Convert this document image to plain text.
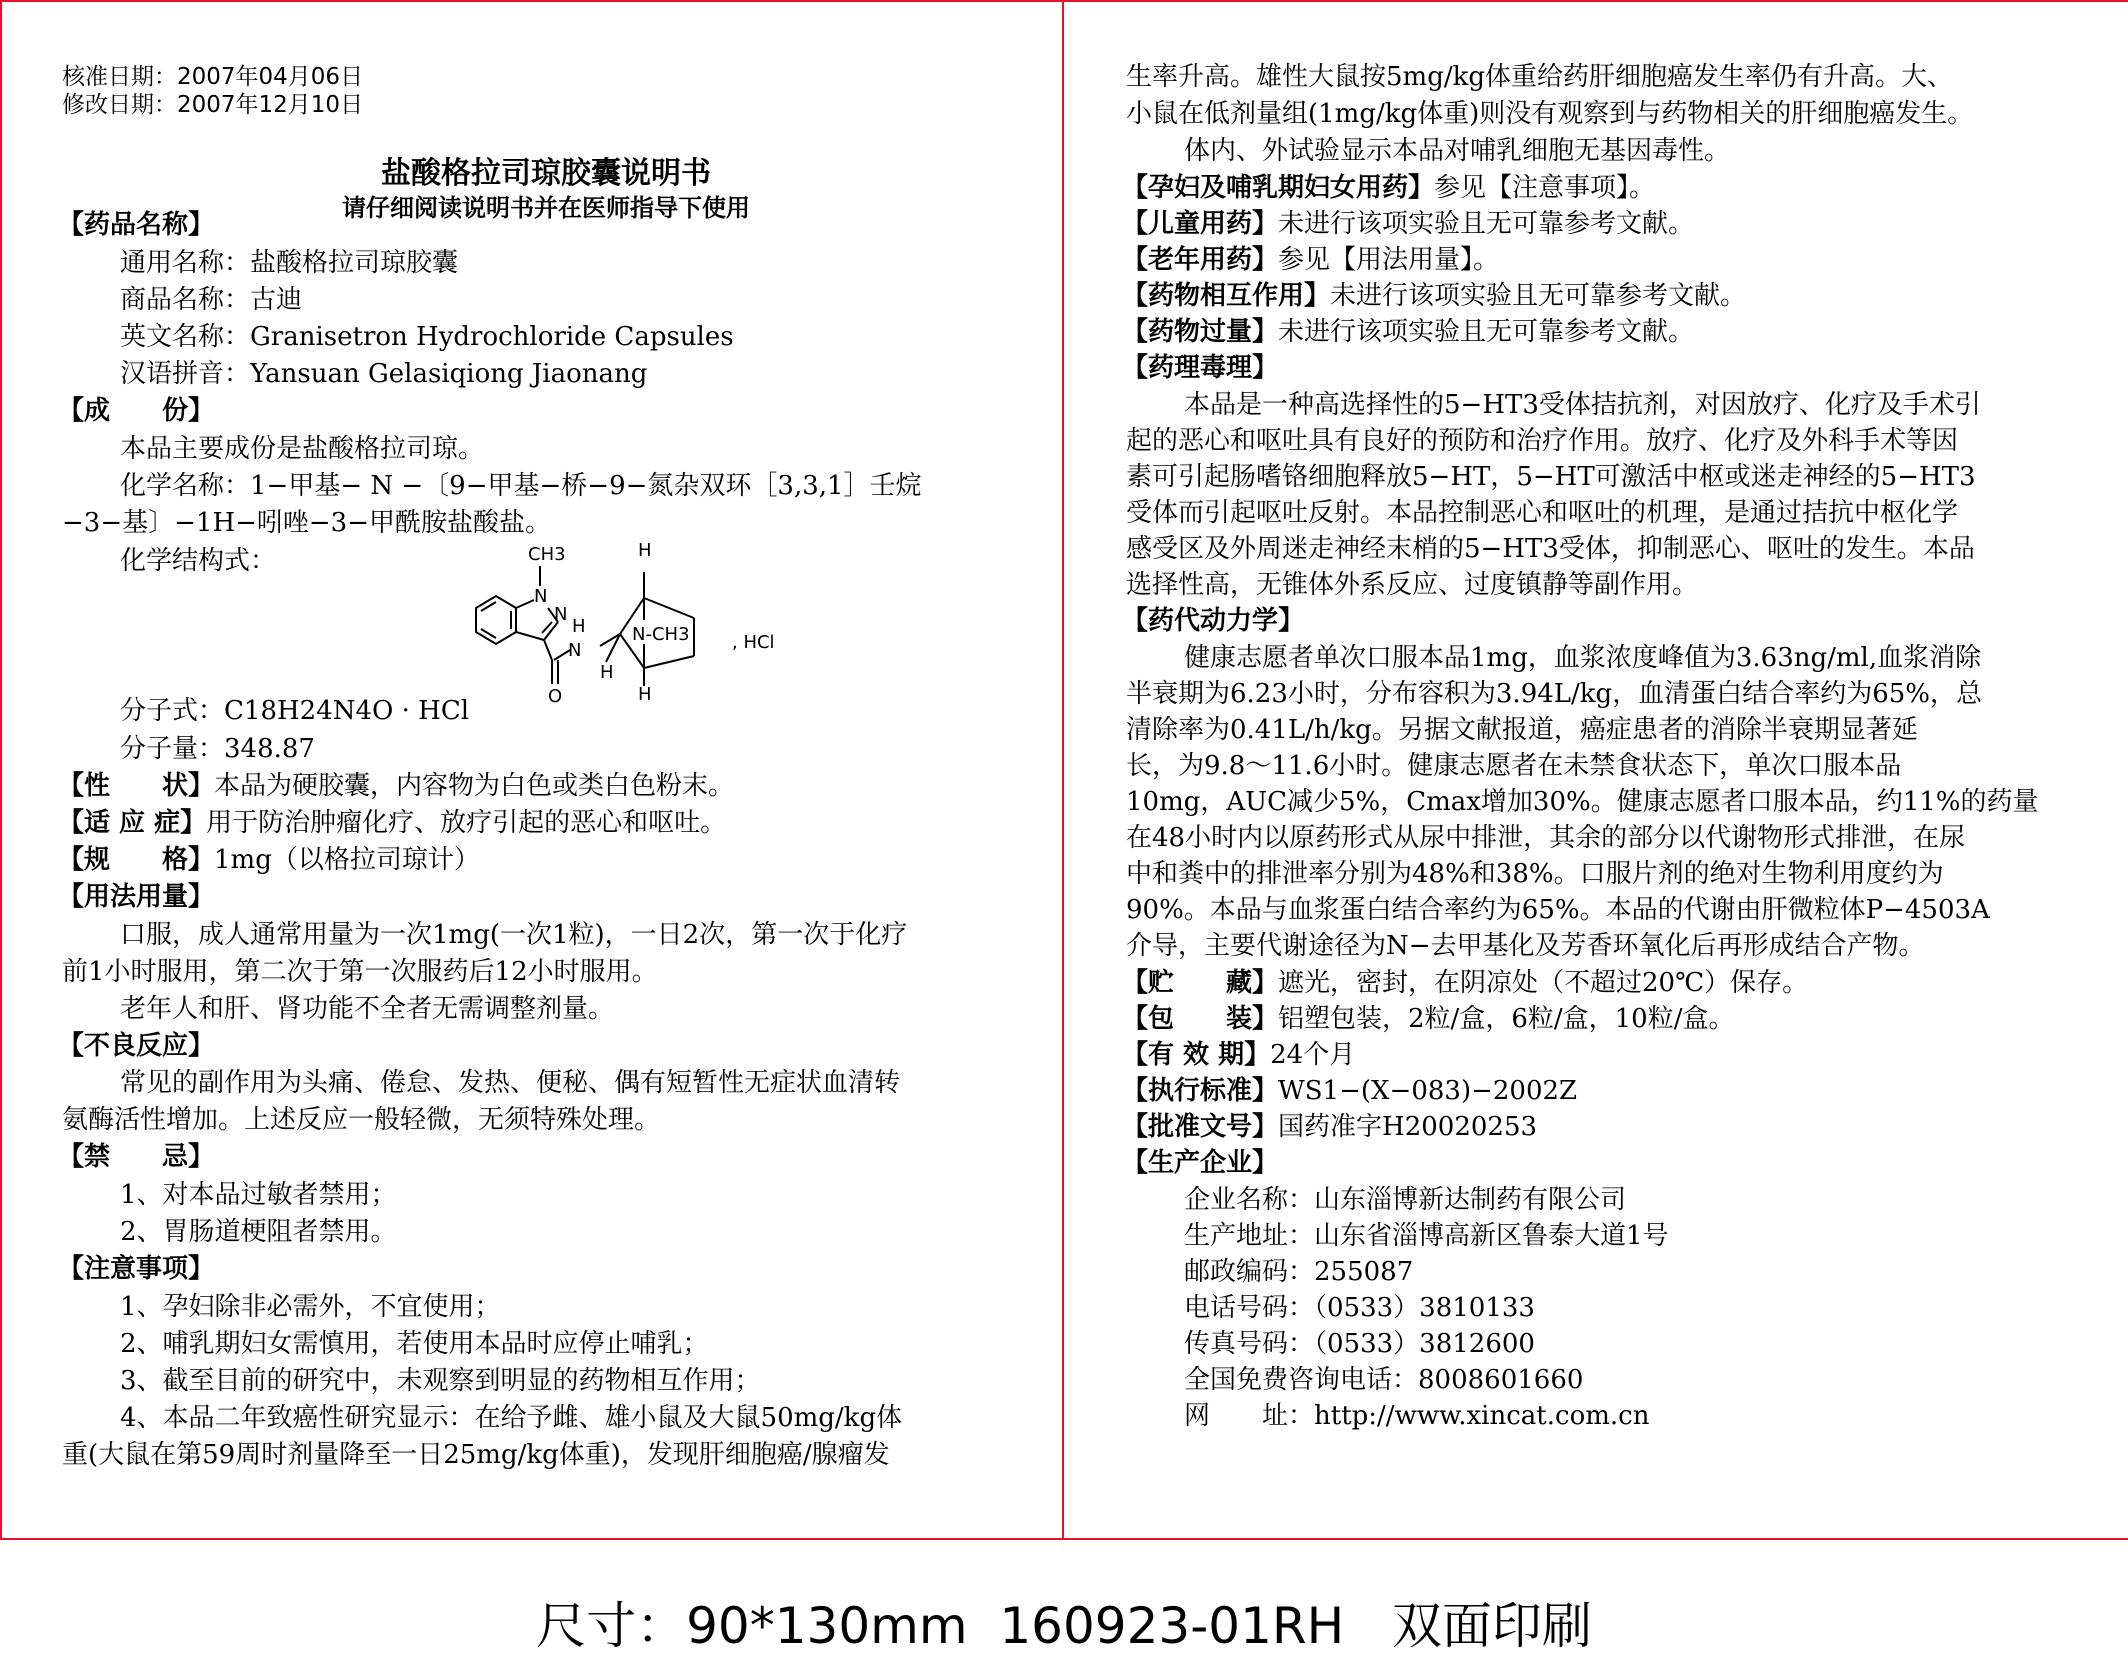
核准日期：2007年04月06日
修改日期：2007年12月10日
盐酸格拉司琼胶囊说明书
请仔细阅读说明书并在医师指导下使用
【药品名称】
通用名称：盐酸格拉司琼胶囊
商品名称：古迪
英文名称：Granisetron Hydrochloride Capsules
汉语拼音：Yansuan Gelasiqiong Jiaonang
【成　　份】
本品主要成份是盐酸格拉司琼。
化学名称：1−甲基− N −〔9−甲基−桥−9−氮杂双环［3,3,1］壬烷
−3−基〕−1H−吲唑−3−甲酰胺盐酸盐。
化学结构式：	CH3
N
N
H
N
O
H
N-CH3
H
H
, HCl
分子式：C18H24N4O · HCl
分子量：348.87
【性　　状】本品为硬胶囊，内容物为白色或类白色粉末。
【适 应 症】用于防治肿瘤化疗、放疗引起的恶心和呕吐。
【规　　格】1mg（以格拉司琼计）
【用法用量】
口服，成人通常用量为一次1mg(一次1粒)，一日2次，第一次于化疗
前1小时服用，第二次于第一次服药后12小时服用。
老年人和肝、肾功能不全者无需调整剂量。
【不良反应】
常见的副作用为头痛、倦怠、发热、便秘、偶有短暂性无症状血清转
氨酶活性增加。上述反应一般轻微，无须特殊处理。
【禁　　忌】
1、对本品过敏者禁用；
2、胃肠道梗阻者禁用。
【注意事项】
1、孕妇除非必需外，不宜使用；
2、哺乳期妇女需慎用，若使用本品时应停止哺乳；
3、截至目前的研究中，未观察到明显的药物相互作用；
4、本品二年致癌性研究显示：在给予雌、雄小鼠及大鼠50mg/kg体
重(大鼠在第59周时剂量降至一日25mg/kg体重)，发现肝细胞癌/腺瘤发
生率升高。雄性大鼠按5mg/kg体重给药肝细胞癌发生率仍有升高。大、
小鼠在低剂量组(1mg/kg体重)则没有观察到与药物相关的肝细胞癌发生。
体内、外试验显示本品对哺乳细胞无基因毒性。
【孕妇及哺乳期妇女用药】参见【注意事项】。
【儿童用药】未进行该项实验且无可靠参考文献。
【老年用药】参见【用法用量】。
【药物相互作用】未进行该项实验且无可靠参考文献。
【药物过量】未进行该项实验且无可靠参考文献。
【药理毒理】
本品是一种高选择性的5−HT3受体拮抗剂，对因放疗、化疗及手术引
起的恶心和呕吐具有良好的预防和治疗作用。放疗、化疗及外科手术等因
素可引起肠嗜铬细胞释放5−HT，5−HT可激活中枢或迷走神经的5−HT3
受体而引起呕吐反射。本品控制恶心和呕吐的机理，是通过拮抗中枢化学
感受区及外周迷走神经末梢的5−HT3受体，抑制恶心、呕吐的发生。本品
选择性高，无锥体外系反应、过度镇静等副作用。
【药代动力学】
健康志愿者单次口服本品1mg，血浆浓度峰值为3.63ng/ml,血浆消除
半衰期为6.23小时，分布容积为3.94L/kg，血清蛋白结合率约为65%，总
清除率为0.41L/h/kg。另据文献报道，癌症患者的消除半衰期显著延
长，为9.8～11.6小时。健康志愿者在未禁食状态下，单次口服本品
10mg，AUC减少5%，Cmax增加30%。健康志愿者口服本品，约11%的药量
在48小时内以原药形式从尿中排泄，其余的部分以代谢物形式排泄，在尿
中和粪中的排泄率分别为48%和38%。口服片剂的绝对生物利用度约为
90%。本品与血浆蛋白结合率约为65%。本品的代谢由肝微粒体P−4503A
介导，主要代谢途径为N−去甲基化及芳香环氧化后再形成结合产物。
【贮　　藏】遮光，密封，在阴凉处（不超过20℃）保存。
【包　　装】铝塑包装，2粒/盒，6粒/盒，10粒/盒。
【有 效 期】24个月
【执行标准】WS1−(X−083)−2002Z
【批准文号】国药准字H20020253
【生产企业】
企业名称：山东淄博新达制药有限公司
生产地址：山东省淄博高新区鲁泰大道1号
邮政编码：255087
电话号码：（0533）3810133
传真号码：（0533）3812600
全国免费咨询电话：8008601660
网　　址：http://www.xincat.com.cn
尺寸：90*130mm  160923-01RH   双面印刷
